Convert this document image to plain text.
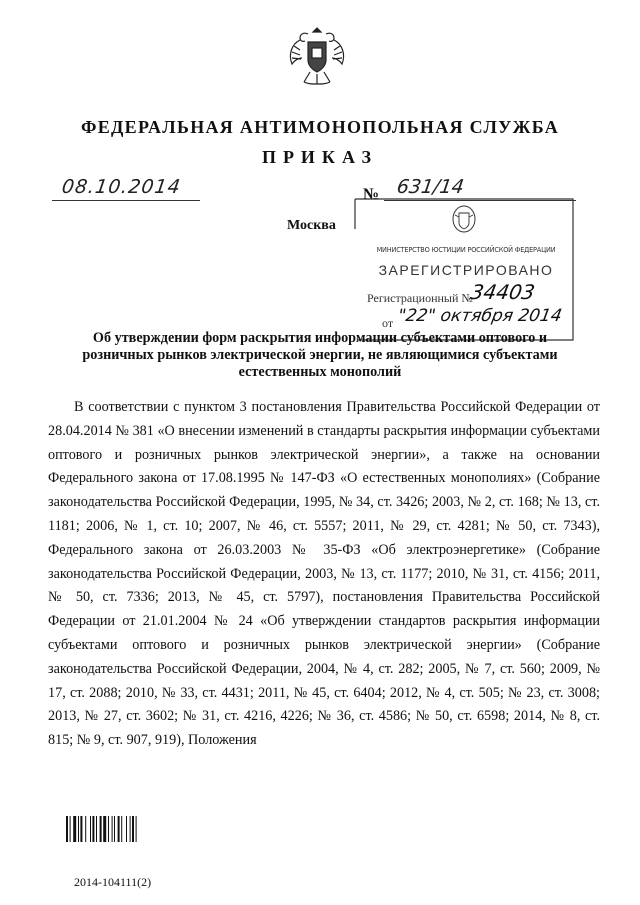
ФЕДЕРАЛЬНАЯ АНТИМОНОПОЛЬНАЯ СЛУЖБА
ПРИКАЗ
08.10.2014	№ 631/14
Москва
МИНИСТЕРСТВО ЮСТИЦИИ РОССИЙСКОЙ ФЕДЕРАЦИИ
ЗАРЕГИСТРИРОВАНО
Регистрационный №
34403
от "22" октября 2014
Об утверждении форм раскрытия информации субъектами оптового и розничных рынков электрической энергии, не являющимися субъектами естественных монополий

В соответствии с пунктом 3 постановления Правительства Российской Федерации от 28.04.2014 № 381 «О внесении изменений в стандарты раскрытия информации субъектами оптового и розничных рынков электрической энергии», а также на основании Федерального закона от 17.08.1995 № 147-ФЗ «О естественных монополиях» (Собрание законодательства Российской Федерации, 1995, № 34, ст. 3426; 2003, № 2, ст. 168; № 13, ст. 1181; 2006, № 1, ст. 10; 2007, № 46, ст. 5557; 2011, № 29, ст. 4281; № 50, ст. 7343), Федерального закона от 26.03.2003 № 35-ФЗ «Об электроэнергетике» (Собрание законодательства Российской Федерации, 2003, № 13, ст. 1177; 2010, № 31, ст. 4156; 2011, № 50, ст. 7336; 2013, № 45, ст. 5797), постановления Правительства Российской Федерации от 21.01.2004 № 24 «Об утверждении стандартов раскрытия информации субъектами оптового и розничных рынков электрической энергии» (Собрание законодательства Российской Федерации, 2004, № 4, ст. 282; 2005, № 7, ст. 560; 2009, № 17, ст. 2088; 2010, № 33, ст. 4431; 2011, № 45, ст. 6404; 2012, № 4, ст. 505; № 23, ст. 3008; 2013, № 27, ст. 3602; № 31, ст. 4216, 4226; № 36, ст. 4586; № 50, ст. 6598; 2014, № 8, ст. 815; № 9, ст. 907, 919), Положения

2014-104111(2)
